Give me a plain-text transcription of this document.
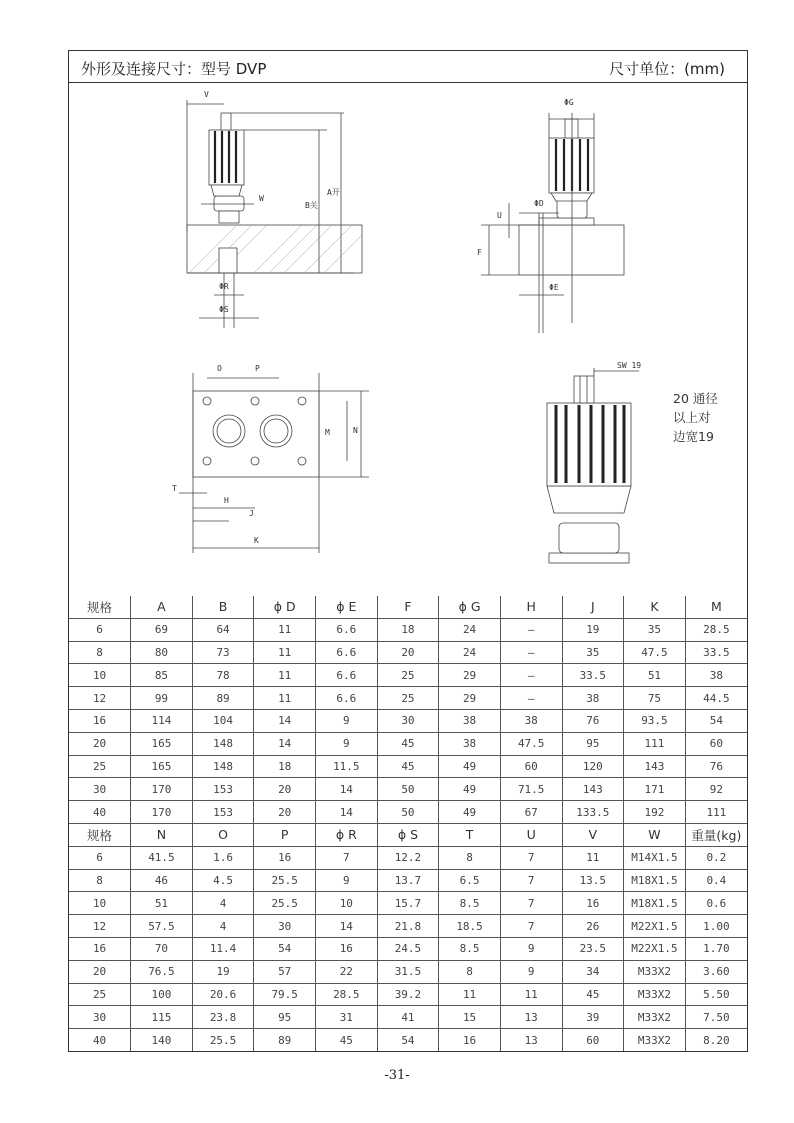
外形及连接尺寸：型号 DVP	尺寸单位：(mm)
V
W
B关
A开
ΦR
ΦS
ΦG
ΦD
U
F
ΦE
O	P
N
M
T
H
J
K
SW 19
20 通径
以上对
边宽19
规格	A	B	ϕ D	ϕ E	F	ϕ G	H	J	K	M
6	69	64	11	6.6	18	24	—	19	35	28.5
8	80	73	11	6.6	20	24	—	35	47.5	33.5
10	85	78	11	6.6	25	29	—	33.5	51	38
12	99	89	11	6.6	25	29	—	38	75	44.5
16	114	104	14	9	30	38	38	76	93.5	54
20	165	148	14	9	45	38	47.5	95	111	60
25	165	148	18	11.5	45	49	60	120	143	76
30	170	153	20	14	50	49	71.5	143	171	92
40	170	153	20	14	50	49	67	133.5	192	111
规格	N	O	P	ϕ R	ϕ S	T	U	V	W	重量(kg)
6	41.5	1.6	16	7	12.2	8	7	11	M14X1.5	0.2
8	46	4.5	25.5	9	13.7	6.5	7	13.5	M18X1.5	0.4
10	51	4	25.5	10	15.7	8.5	7	16	M18X1.5	0.6
12	57.5	4	30	14	21.8	18.5	7	26	M22X1.5	1.00
16	70	11.4	54	16	24.5	8.5	9	23.5	M22X1.5	1.70
20	76.5	19	57	22	31.5	8	9	34	M33X2	3.60
25	100	20.6	79.5	28.5	39.2	11	11	45	M33X2	5.50
30	115	23.8	95	31	41	15	13	39	M33X2	7.50
40	140	25.5	89	45	54	16	13	60	M33X2	8.20
-31-
